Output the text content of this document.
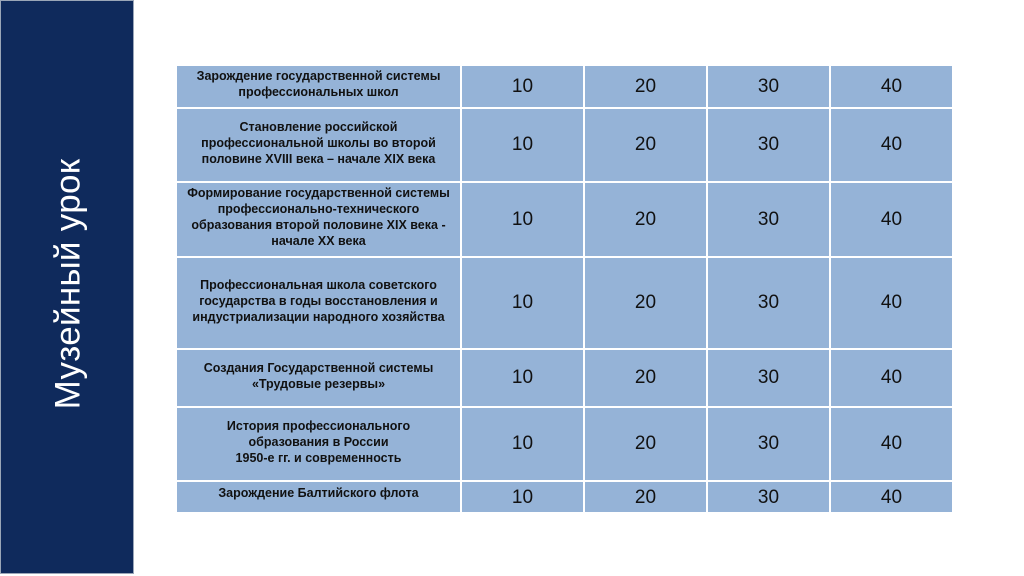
Музейный урок
Зарождение государственной системы профессиональных школ	10	20	30	40

Становление российской профессиональной школы во второй половине XVIII века – начале XIX века	10	20	30	40

Формирование государственной системы профессионально-технического образования второй половине XIX века - начале XX века	10	20	30	40

Профессиональная школа советского государства в годы восстановления и индустриализации народного хозяйства	10	20	30	40

Создания Государственной системы «Трудовые резервы»	10	20	30	40

История профессионального образования в России
1950-е гг. и современность	10	20	30	40

Зарождение Балтийского флота	10	20	30	40
